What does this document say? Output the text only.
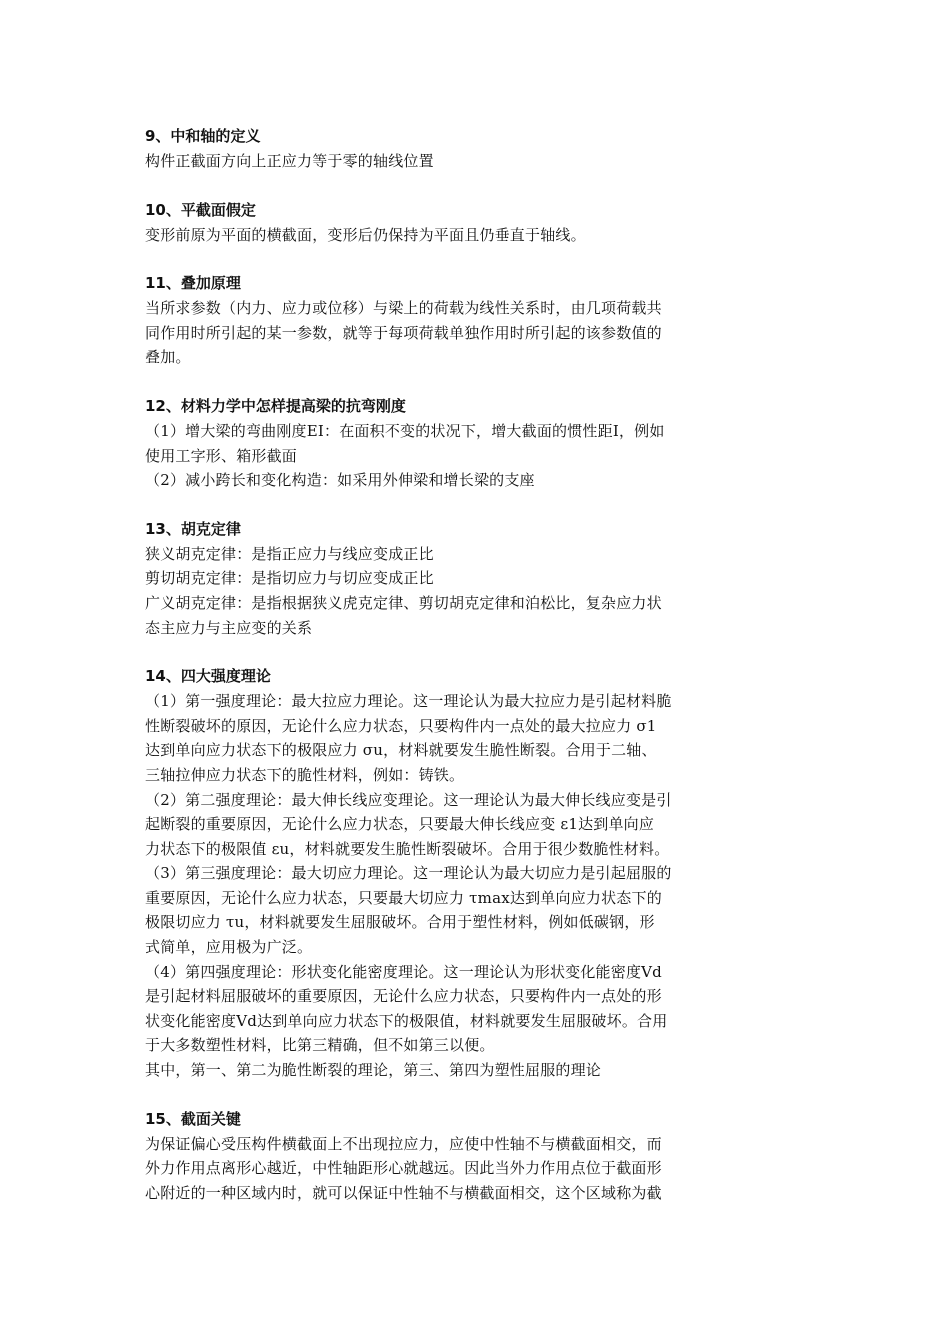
9、中和轴的定义
构件正截面方向上正应力等于零的轴线位置
10、平截面假定
变形前原为平面的横截面，变形后仍保持为平面且仍垂直于轴线。
11、叠加原理
当所求参数（内力、应力或位移）与梁上的荷载为线性关系时，由几项荷载共
同作用时所引起的某一参数，就等于每项荷载单独作用时所引起的该参数值的
叠加。
12、材料力学中怎样提高梁的抗弯刚度
（1）增大梁的弯曲刚度EI：在面积不变的状况下，增大截面的惯性距I，例如
使用工字形、箱形截面
（2）减小跨长和变化构造：如采用外伸梁和增长梁的支座
13、胡克定律
狭义胡克定律：是指正应力与线应变成正比
剪切胡克定律：是指切应力与切应变成正比
广义胡克定律：是指根据狭义虎克定律、剪切胡克定律和泊松比，复杂应力状
态主应力与主应变的关系
14、四大强度理论
（1）第一强度理论：最大拉应力理论。这一理论认为最大拉应力是引起材料脆
性断裂破坏的原因，无论什么应力状态，只要构件内一点处的最大拉应力 σ1
达到单向应力状态下的极限应力 σu，材料就要发生脆性断裂。合用于二轴、
三轴拉伸应力状态下的脆性材料，例如：铸铁。
（2）第二强度理论：最大伸长线应变理论。这一理论认为最大伸长线应变是引
起断裂的重要原因，无论什么应力状态，只要最大伸长线应变 ε1达到单向应
力状态下的极限值 εu，材料就要发生脆性断裂破坏。合用于很少数脆性材料。
（3）第三强度理论：最大切应力理论。这一理论认为最大切应力是引起屈服的
重要原因，无论什么应力状态，只要最大切应力 τmax达到单向应力状态下的
极限切应力 τu，材料就要发生屈服破坏。合用于塑性材料，例如低碳钢，形
式简单，应用极为广泛。
（4）第四强度理论：形状变化能密度理论。这一理论认为形状变化能密度Vd
是引起材料屈服破坏的重要原因，无论什么应力状态，只要构件内一点处的形
状变化能密度Vd达到单向应力状态下的极限值，材料就要发生屈服破坏。合用
于大多数塑性材料，比第三精确，但不如第三以便。
其中，第一、第二为脆性断裂的理论，第三、第四为塑性屈服的理论
15、截面关键
为保证偏心受压构件横截面上不出现拉应力，应使中性轴不与横截面相交，而
外力作用点离形心越近，中性轴距形心就越远。因此当外力作用点位于截面形
心附近的一种区域内时，就可以保证中性轴不与横截面相交，这个区域称为截
